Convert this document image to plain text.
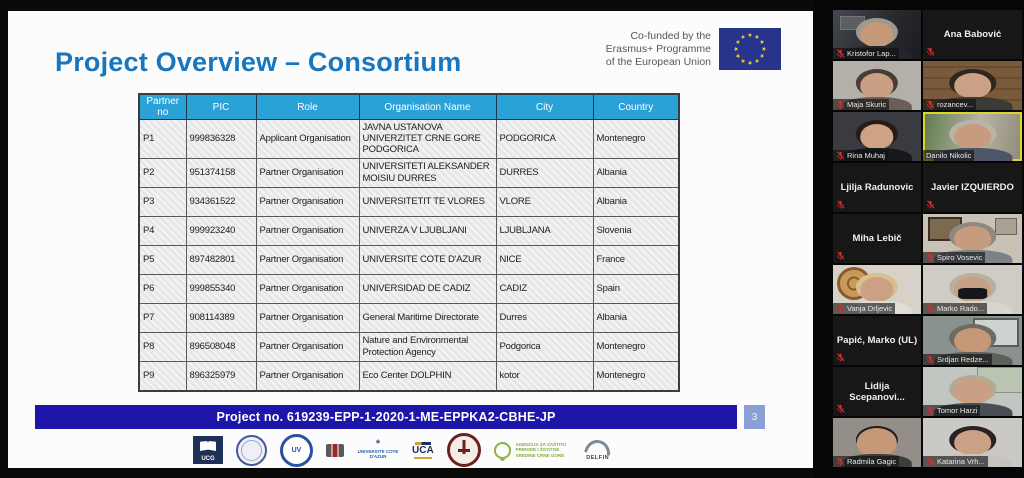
Project Overview – Consortium
Co-funded by the
Erasmus+ Programme
of the European Union
★ ★
★
★
★
★
★
★
★
★
★
★
Partner no	PIC	Role	Organisation Name	City	Country
P1	999836328	Applicant Organisation	JAVNA USTANOVA UNIVERZITET CRNE GORE PODGORICA	PODGORICA	Montenegro
P2	951374158	Partner Organisation	UNIVERSITETI ALEKSANDER MOISIU DURRES	DURRES	Albania
P3	934361522	Partner Organisation	UNIVERSITETIT TE VLORES	VLORE	Albania
P4	999923240	Partner Organisation	UNIVERZA V LJUBLJANI	LJUBLJANA	Slovenia
P5	897482801	Partner Organisation	UNIVERSITE COTE D'AZUR	NICE	France
P6	999855340	Partner Organisation	UNIVERSIDAD DE CADIZ	CADIZ	Spain
P7	908114389	Partner Organisation	General Maritime Directorate	Durres	Albania
P8	896508048	Partner Organisation	Nature and Environmental Protection Agency	Podgorica	Montenegro
P9	896325979	Partner Organisation	Eco Center DOLPHIN	kotor	Montenegro
Project no. 619239-EPP-1-2020-1-ME-EPPKA2-CBHE-JP	3
UCG
UV	* UNIVERSITE COTE D'AZUR
UCA
AGENCIJA ZA ZAŠTITU PRIRODE I ŽIVOTNE SREDINE CRNE GORE	DELFIN
Kristofor Lap...
Ana Babović
Maja Skuric	rozancev...
Rina Muhaj	Danilo Nikolic
Ljilja Radunovic	Javier IZQUIERDO
Miha Lebič
Spiro Vosevic
Vanja Drljevic	Marko Rado...
Papić, Marko (UL)
Srdjan Redze...
Lidija Scepanovi...
Tomor Harzi
Radmila Gagic	Katarina Vrh...
